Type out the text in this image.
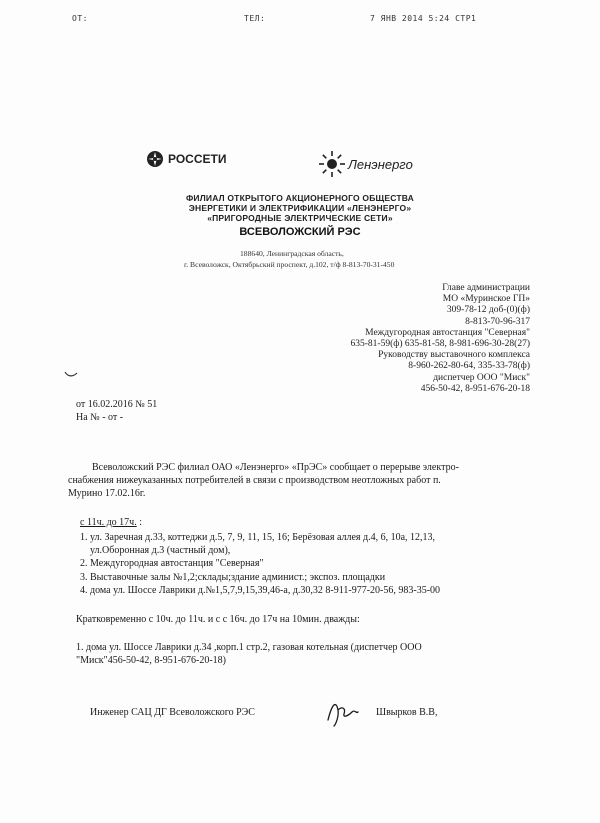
ОТ:	ТЕЛ:	7 ЯНВ 2014 5:24 СТР1
РОССЕТИ	Ленэнерго
ФИЛИАЛ ОТКРЫТОГО АКЦИОНЕРНОГО ОБЩЕСТВА
ЭНЕРГЕТИКИ И ЭЛЕКТРИФИКАЦИИ «ЛЕНЭНЕРГО»
«ПРИГОРОДНЫЕ ЭЛЕКТРИЧЕСКИЕ СЕТИ»
ВСЕВОЛОЖСКИЙ РЭС
188640, Ленинградская область,
г. Всеволожск, Октябрьский проспект, д.102, т/ф 8-813-70-31-450
Главе администрации
МО «Муринское ГП»
309-78-12 доб-(0)(ф)
8-813-70-96-317
Междугородная автостанция "Северная"
635-81-59(ф) 635-81-58, 8-981-696-30-28(27)
Руководству выставочного комплекса
8-960-262-80-64, 335-33-78(ф)
диспетчер ООО "Миск"
456-50-42, 8-951-676-20-18
от 16.02.2016 № 51
На № - от -
Всеволожский РЭС филиал ОАО «Ленэнерго» «ПрЭС» сообщает о перерыве электро-
снабжения нижеуказанных потребителей в связи с производством неотложных работ п.
Мурино 17.02.16г.
с 11ч. до 17ч. :
1. ул. Заречная д.33, коттеджи д.5, 7, 9, 11, 15, 16; Берёзовая аллея д.4, 6, 10а, 12,13,
ул.Оборонная д.3 (частный дом),
2. Междугородная автостанция "Северная"
3. Выставочные залы №1,2;склады;здание админист.; экспоз. площадки
4. дома ул. Шоссе Лаврики д.№1,5,7,9,15,39,46-а, д.30,32 8-911-977-20-56, 983-35-00
Кратковременно с 10ч. до 11ч. и с с 16ч. до 17ч на 10мин. дважды:
1. дома ул. Шоссе Лаврики д.34 ,корп.1 стр.2, газовая котельная (диспетчер ООО
"Миск"456-50-42, 8-951-676-20-18)
Инженер САЦ ДГ Всеволожского РЭС	Швырков В.В,
